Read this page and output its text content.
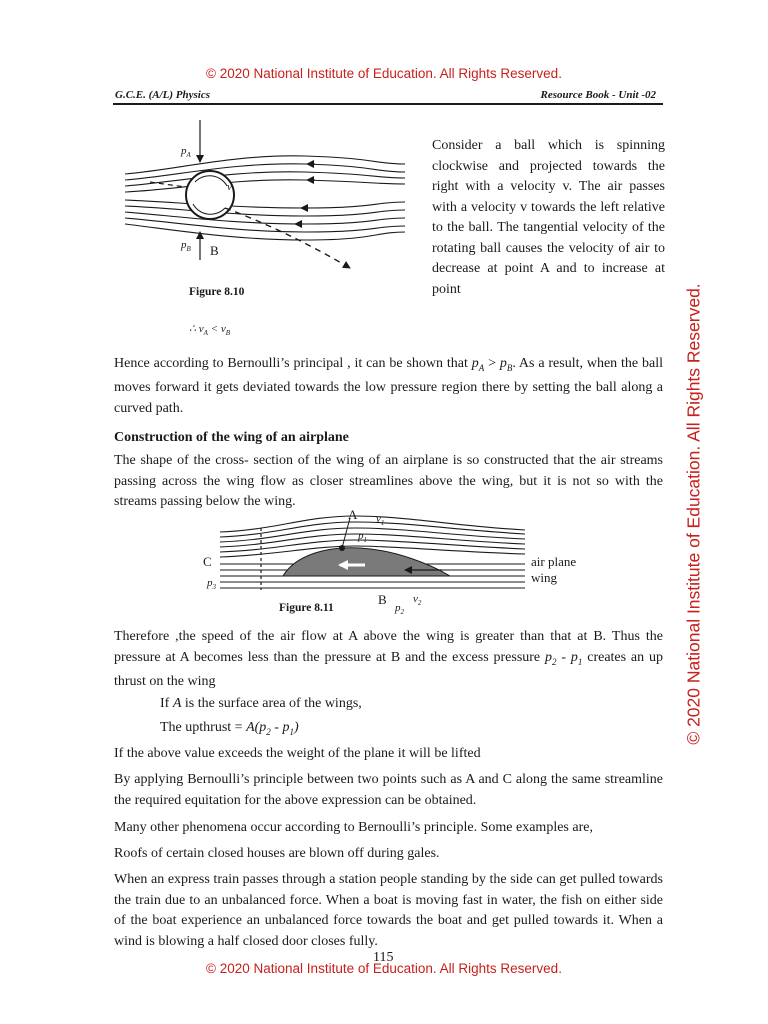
© 2020 National Institute of Education. All Rights Reserved.
© 2020 National Institute of Education. All Rights Reserved.
G.C.E. (A/L) Physics	Resource Book - Unit -02
$p_A$
v
$p_B$ B
Figure 8.10
∴ $v_A < v_B$
Consider a ball which is spinning clockwise and projected towards the right with a velocity v. The air passes with a velocity v towards the left relative to the ball. The tangential velocity of the rotating ball causes the velocity of air to decrease at point A and to increase at point
Hence according to Bernoulli’s principal , it can be shown that $p_A > p_B$. As a result, when the ball moves forward it gets deviated towards the low pressure region there by setting the ball along a curved path.
Construction of the wing of an airplane
The shape of the cross- section of the wing of an airplane is so constructed that the air streams passing across the wing flow as closer streamlines above the wing, but it is not so with the streams passing below the wing.
A $v_1$
$p_1$
C
$p_3$
air plane
wing
Figure 8.11
B
$p_2$
$v_2$
Therefore ,the speed of the air flow at A above the wing is greater than that at B. Thus the pressure at A becomes less than the pressure at B and the excess pressure $p_2 - p_1$ creates an up thrust on the wing
If A is the surface area of the wings,
The upthrust = $A(p_2 - p_1)$
If the above value exceeds the weight of the plane it will be lifted
By applying Bernoulli’s principle between two points such as A and C along the same streamline the required equitation for the above expression can be obtained.
Many other phenomena occur according to Bernoulli’s principle. Some examples are,
Roofs of certain closed houses are blown off during gales.
When an express train passes through a station people standing by the side can get pulled towards the train due to an unbalanced force. When a boat is moving fast in water, the fish on either side of the boat experience an unbalanced force towards the boat and get pulled towards it. When a wind is blowing a half closed door closes fully.
115
© 2020 National Institute of Education. All Rights Reserved.
